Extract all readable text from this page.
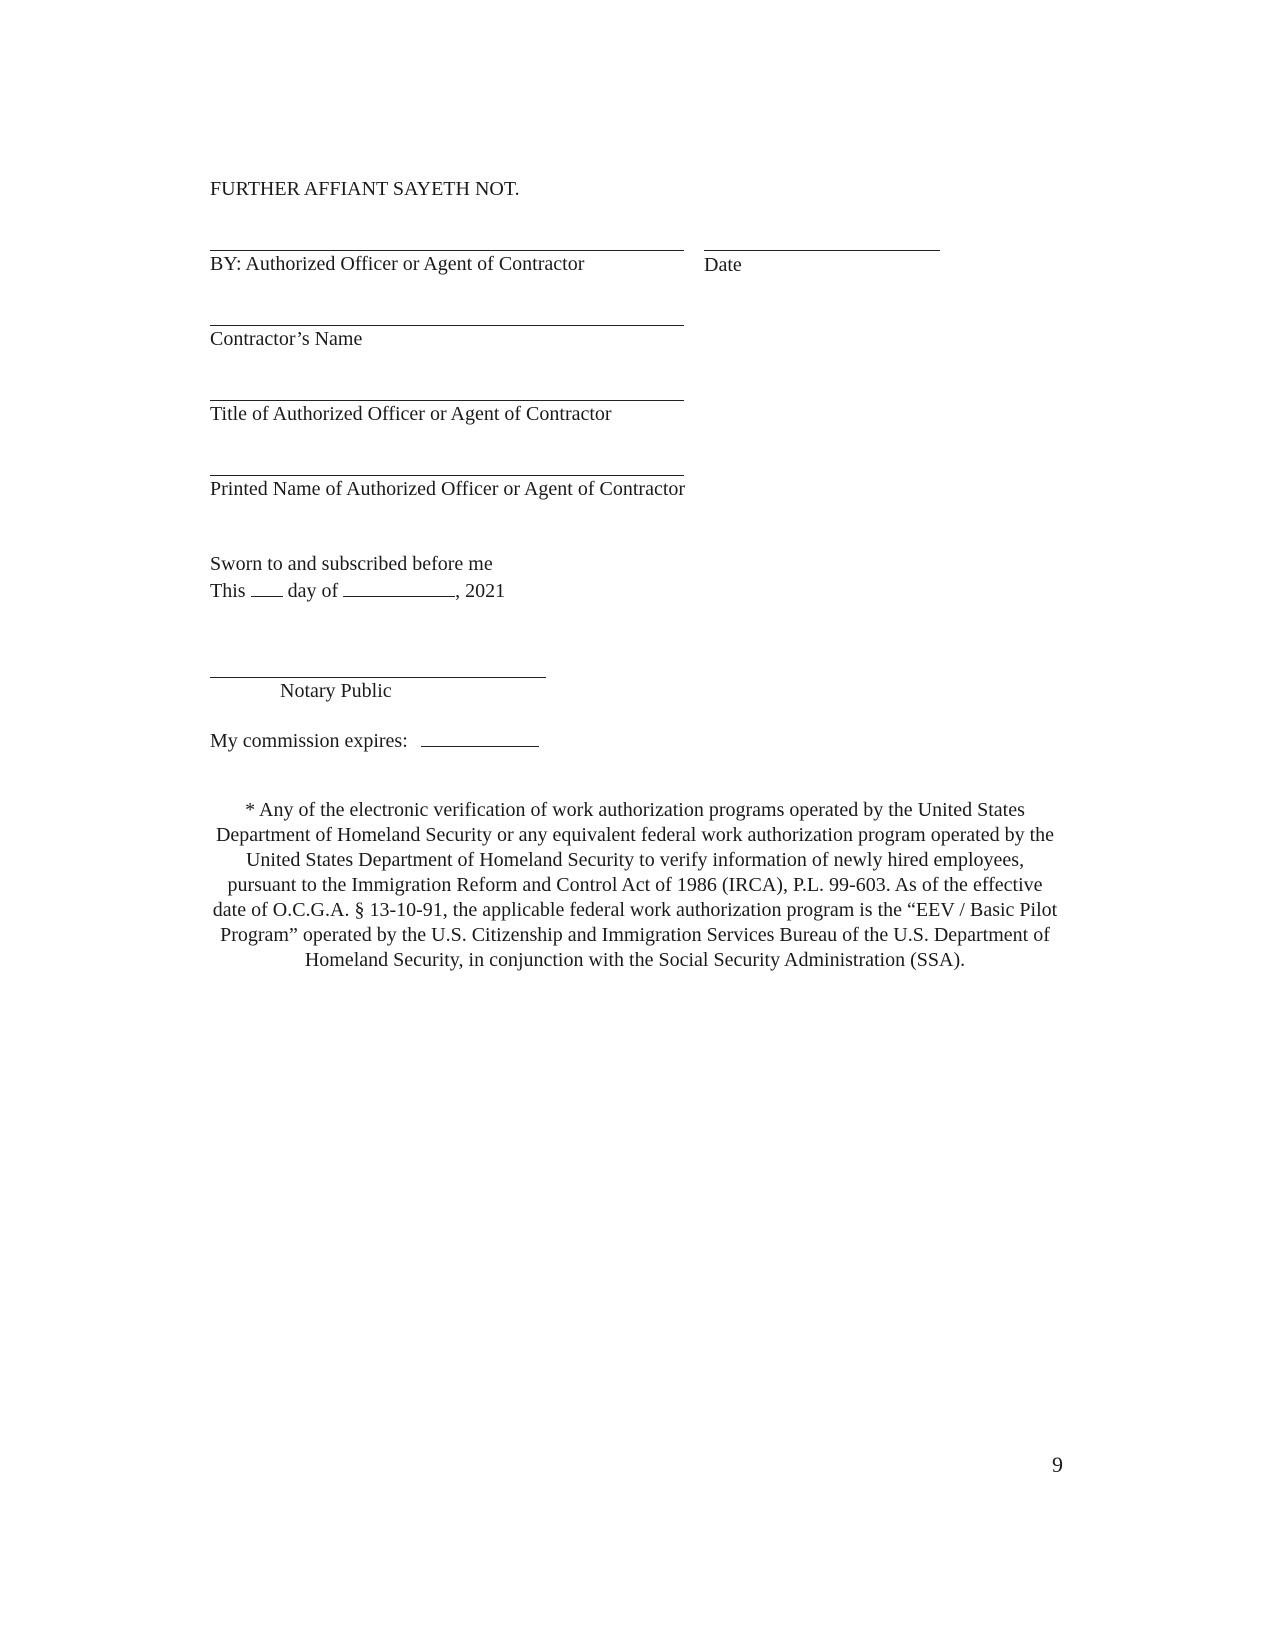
FURTHER AFFIANT SAYETH NOT.
BY: Authorized Officer or Agent of Contractor	Date
Contractor’s Name
Title of Authorized Officer or Agent of Contractor
Printed Name of Authorized Officer or Agent of Contractor
Sworn to and subscribed before me
This day of	, 2021
Notary Public
My commission expires:
* Any of the electronic verification of work authorization programs operated by the United States Department of Homeland Security or any equivalent federal work authorization program operated by the United States Department of Homeland Security to verify information of newly hired employees, pursuant to the Immigration Reform and Control Act of 1986 (IRCA), P.L. 99-603. As of the effective date of O.C.G.A. § 13-10-91, the applicable federal work authorization program is the “EEV / Basic Pilot Program” operated by the U.S. Citizenship and Immigration Services Bureau of the U.S. Department of Homeland Security, in conjunction with the Social Security Administration (SSA).
9
